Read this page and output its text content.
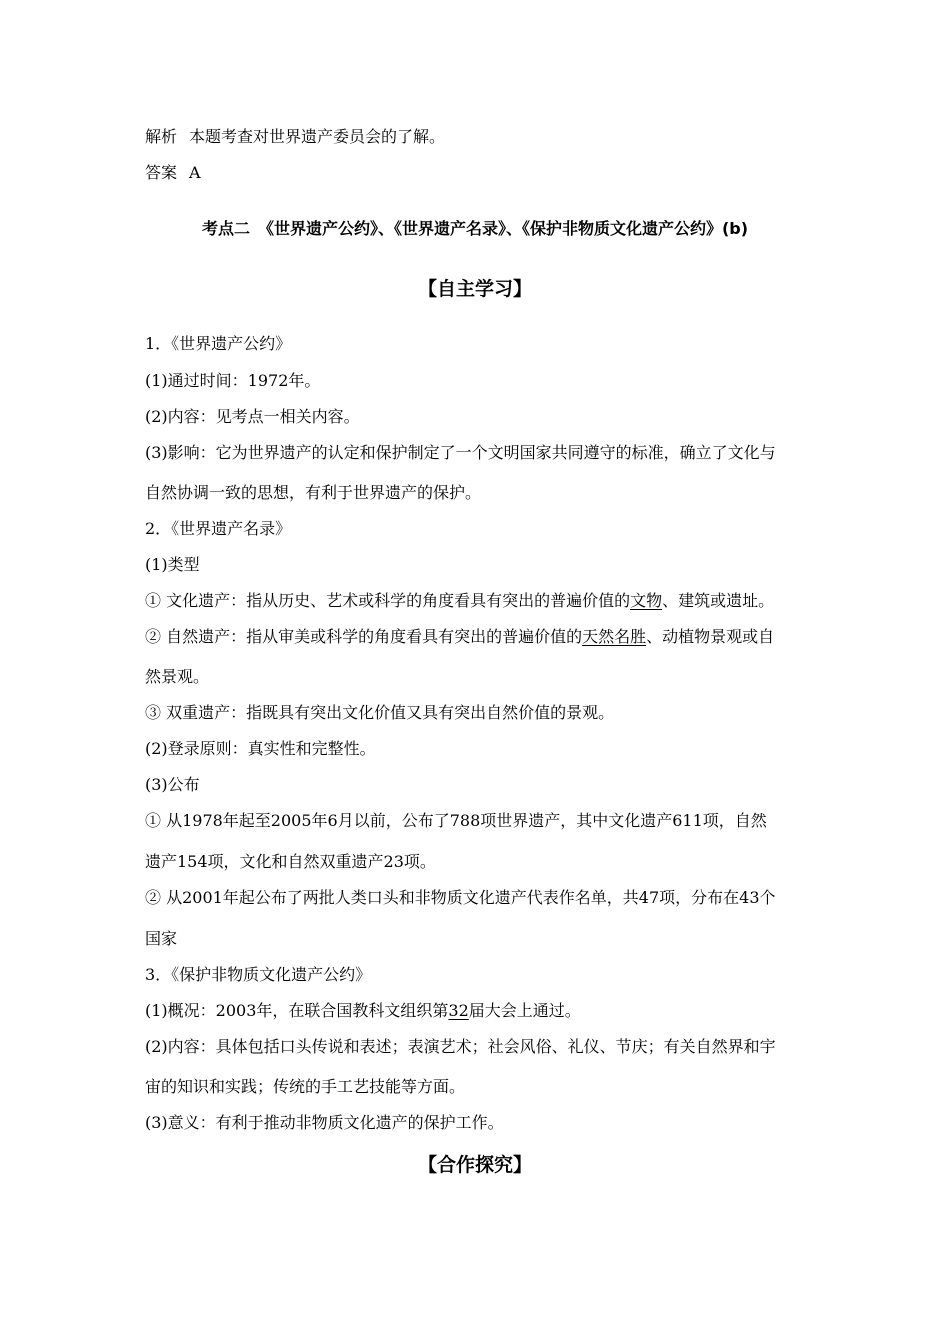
解析 本题考查对世界遗产委员会的了解。
答案 A
考点二　《世界遗产公约》、《世界遗产名录》、《保护非物质文化遗产公约》(b)
【自主学习】
1．《世界遗产公约》
(1)通过时间：1972年。
(2)内容：见考点一相关内容。
(3)影响：它为世界遗产的认定和保护制定了一个文明国家共同遵守的标准，确立了文化与
自然协调一致的思想，有利于世界遗产的保护。
2．《世界遗产名录》
(1)类型
① 文化遗产：指从历史、艺术或科学的角度看具有突出的普遍价值的文物、建筑或遗址。
② 自然遗产：指从审美或科学的角度看具有突出的普遍价值的天然名胜、动植物景观或自
然景观。
③ 双重遗产：指既具有突出文化价值又具有突出自然价值的景观。
(2)登录原则：真实性和完整性。
(3)公布
① 从1978年起至2005年6月以前，公布了788项世界遗产，其中文化遗产611项，自然
遗产154项，文化和自然双重遗产23项。
② 从2001年起公布了两批人类口头和非物质文化遗产代表作名单，共47项，分布在43个
国家
3．《保护非物质文化遗产公约》
(1)概况：2003年，在联合国教科文组织第32届大会上通过。
(2)内容：具体包括口头传说和表述；表演艺术；社会风俗、礼仪、节庆；有关自然界和宇
宙的知识和实践；传统的手工艺技能等方面。
(3)意义：有利于推动非物质文化遗产的保护工作。
【合作探究】
